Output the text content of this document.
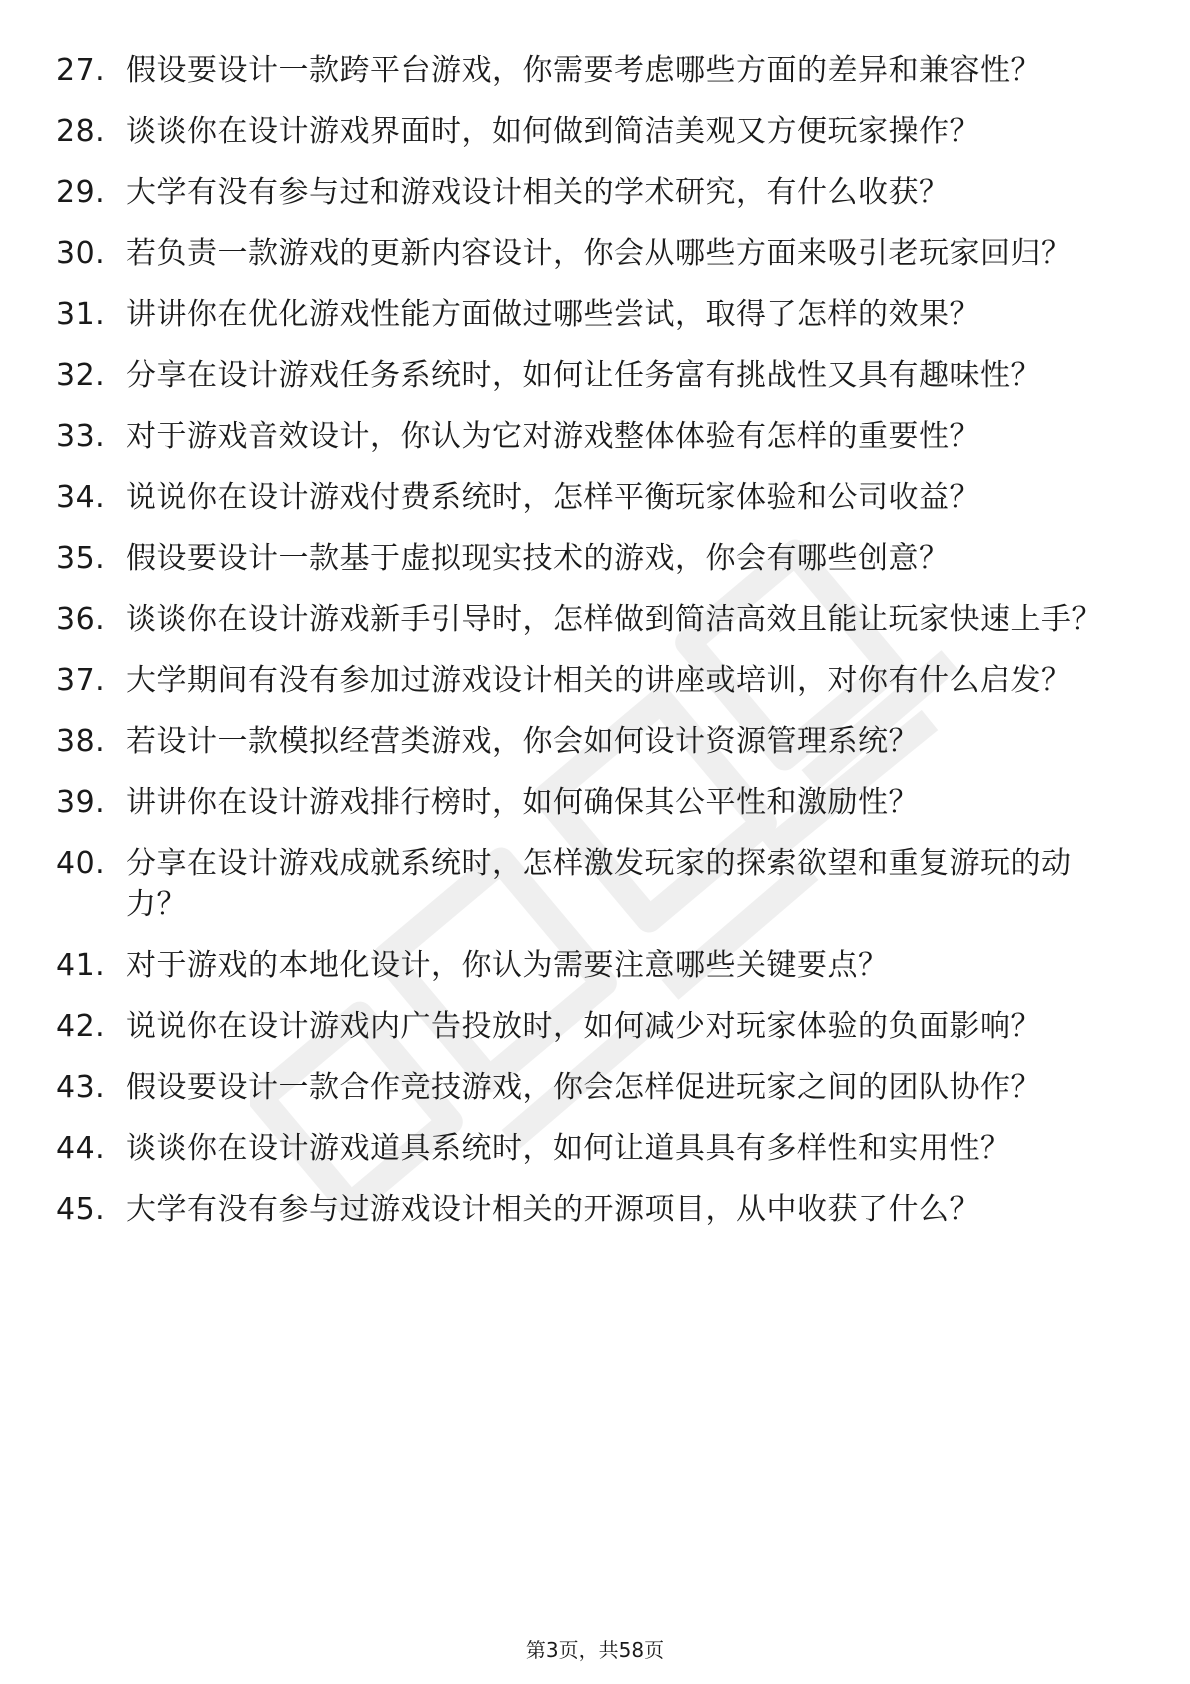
27. 假设要设计一款跨平台游戏，你需要考虑哪些方面的差异和兼容性？
28. 谈谈你在设计游戏界面时，如何做到简洁美观又方便玩家操作？
29. 大学有没有参与过和游戏设计相关的学术研究，有什么收获？
30. 若负责一款游戏的更新内容设计，你会从哪些方面来吸引老玩家回归？
31. 讲讲你在优化游戏性能方面做过哪些尝试，取得了怎样的效果？
32. 分享在设计游戏任务系统时，如何让任务富有挑战性又具有趣味性？
33. 对于游戏音效设计，你认为它对游戏整体体验有怎样的重要性？
34. 说说你在设计游戏付费系统时，怎样平衡玩家体验和公司收益？
35. 假设要设计一款基于虚拟现实技术的游戏，你会有哪些创意？
36. 谈谈你在设计游戏新手引导时，怎样做到简洁高效且能让玩家快速上手？
37. 大学期间有没有参加过游戏设计相关的讲座或培训，对你有什么启发？
38. 若设计一款模拟经营类游戏，你会如何设计资源管理系统？
39. 讲讲你在设计游戏排行榜时，如何确保其公平性和激励性？
40. 分享在设计游戏成就系统时，怎样激发玩家的探索欲望和重复游玩的动力？
41. 对于游戏的本地化设计，你认为需要注意哪些关键要点？
42. 说说你在设计游戏内广告投放时，如何减少对玩家体验的负面影响？
43. 假设要设计一款合作竞技游戏，你会怎样促进玩家之间的团队协作？
44. 谈谈你在设计游戏道具系统时，如何让道具具有多样性和实用性？
45. 大学有没有参与过游戏设计相关的开源项目，从中收获了什么？
第3页，共58页
